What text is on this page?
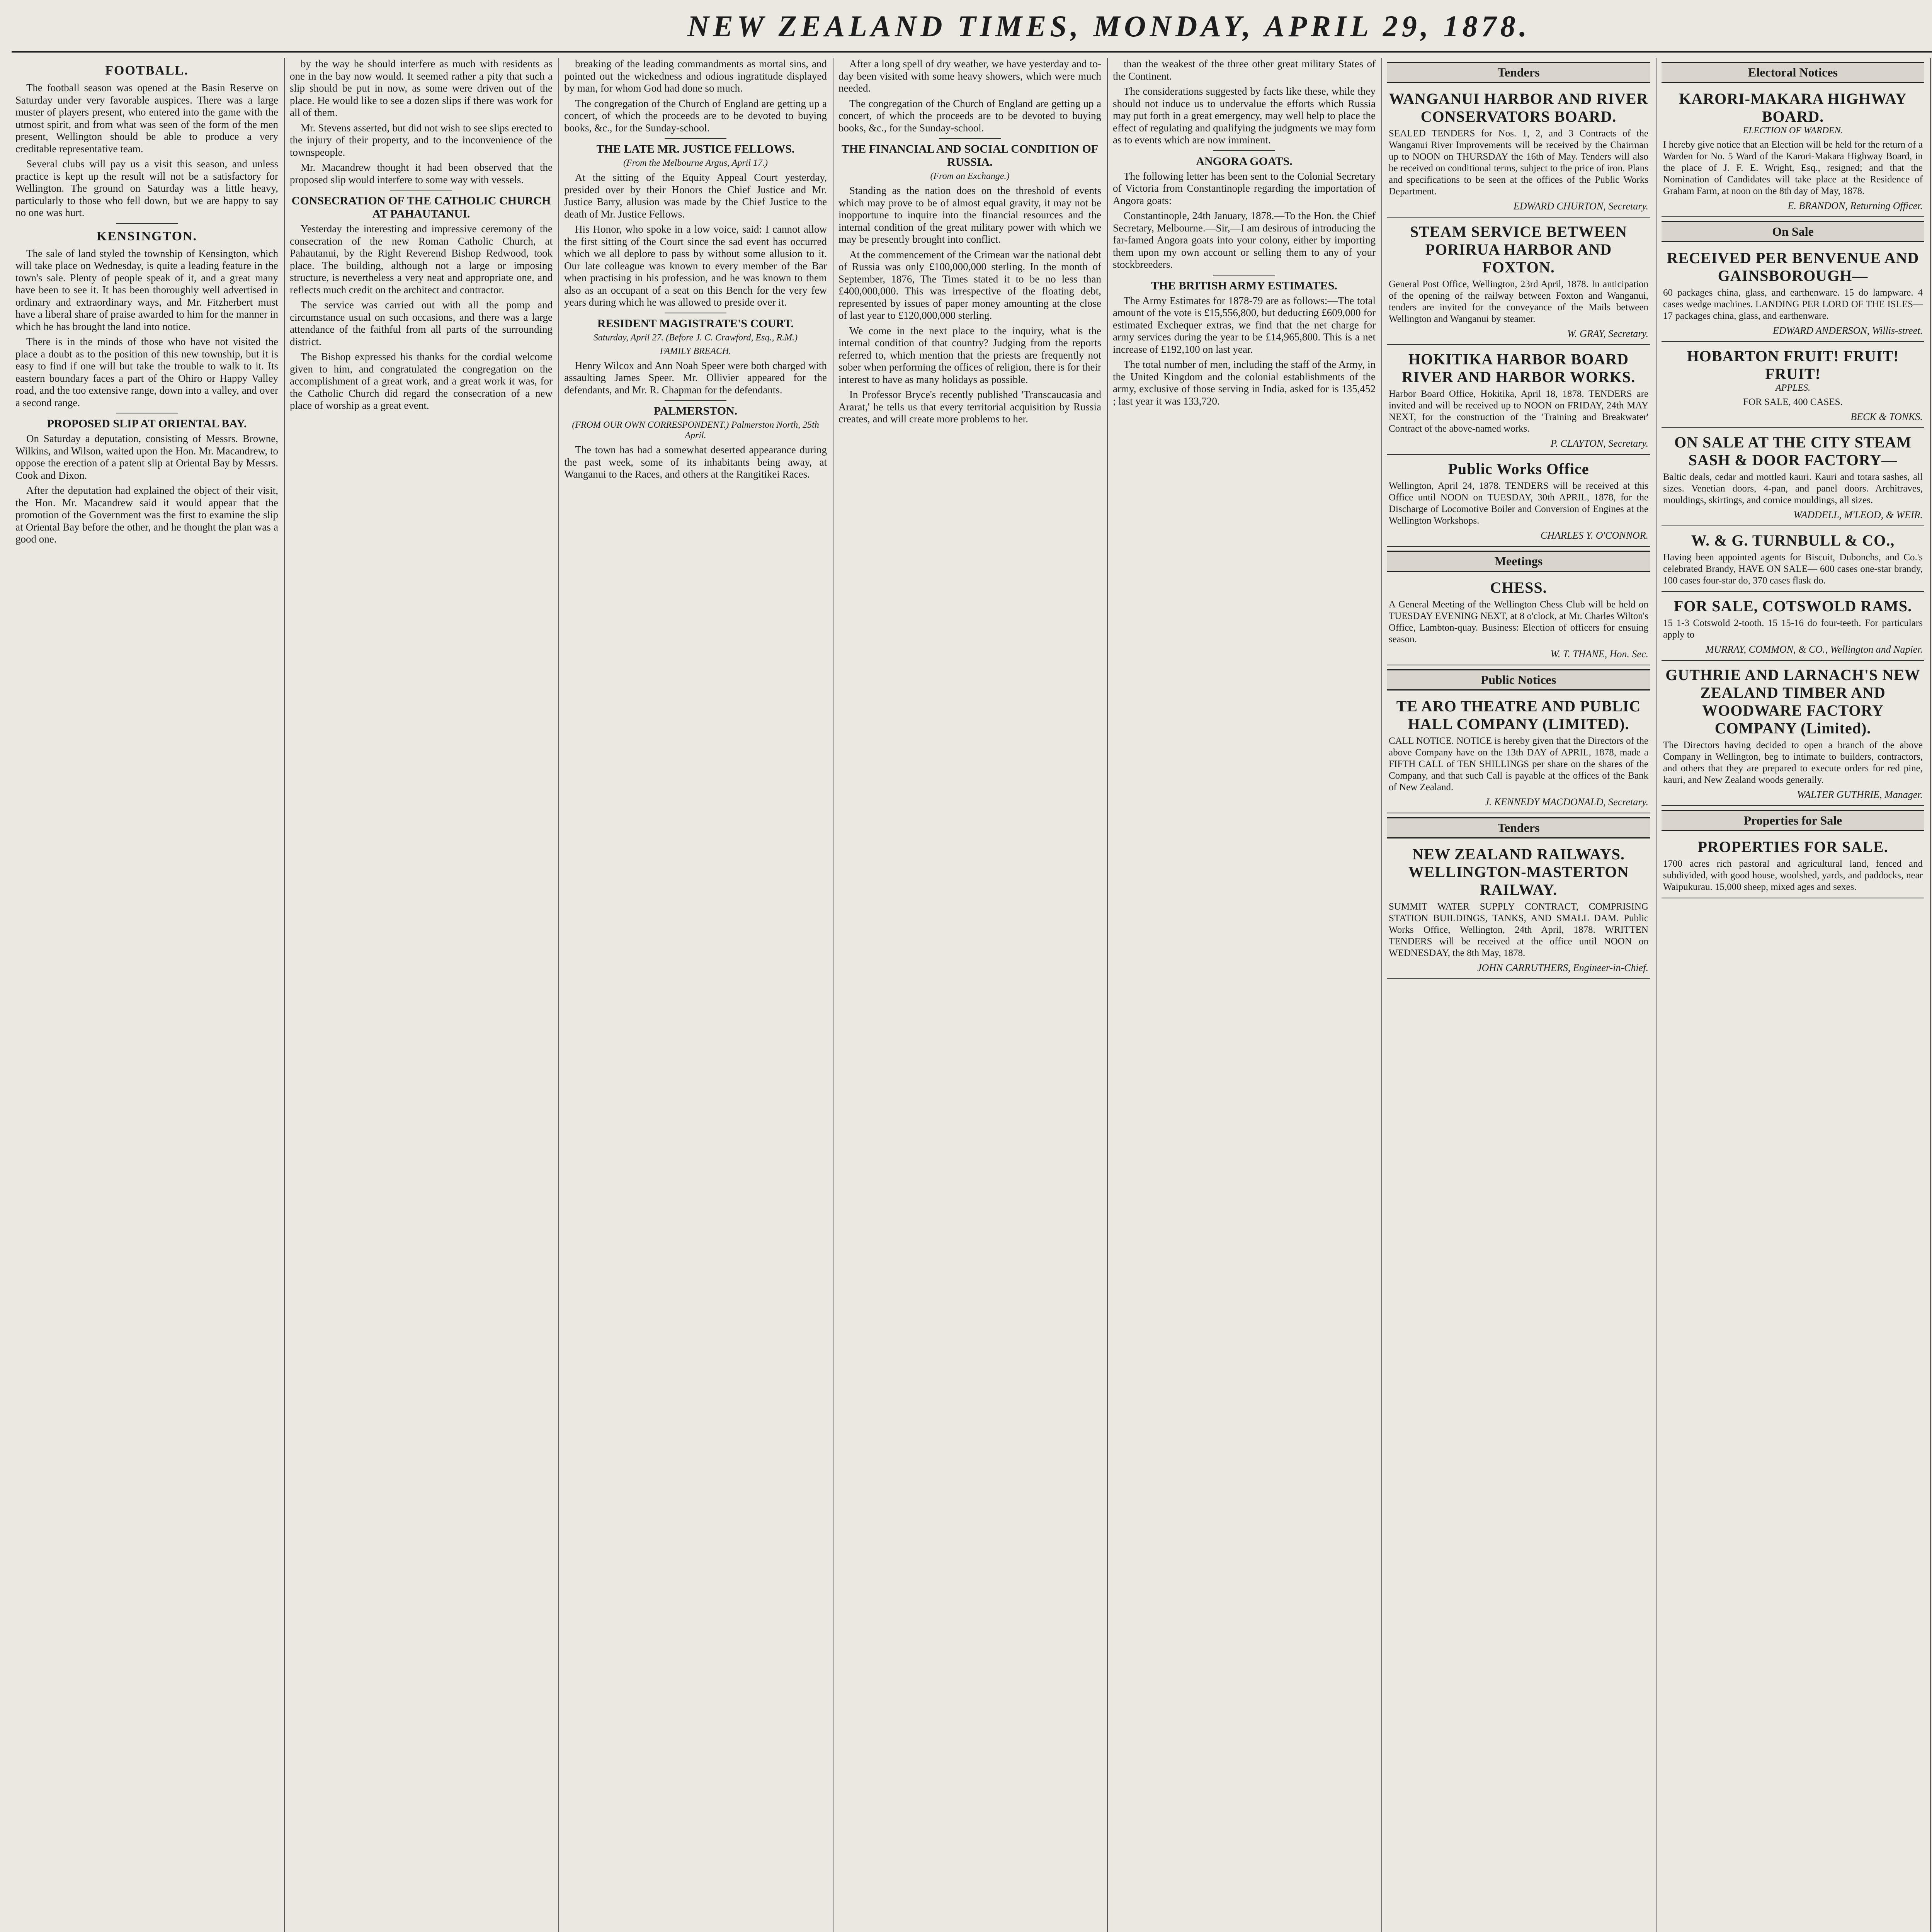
NEW ZEALAND TIMES, MONDAY, APRIL 29, 1878.
FOOTBALL.

The football season was opened at the Basin Reserve on Saturday under very favorable auspices. There was a large muster of players present, who entered into the game with the utmost spirit, and from what was seen of the form of the men present, Wellington should be able to produce a very creditable representative team.

Several clubs will pay us a visit this season, and unless practice is kept up the result will not be a satisfactory for Wellington. The ground on Saturday was a little heavy, particularly to those who fell down, but we are happy to say no one was hurt.

KENSINGTON.

The sale of land styled the township of Kensington, which will take place on Wednesday, is quite a leading feature in the town's sale. Plenty of people speak of it, and a great many have been to see it. It has been thoroughly well advertised in ordinary and extraordinary ways, and Mr. Fitzherbert must have a liberal share of praise awarded to him for the manner in which he has brought the land into notice.

There is in the minds of those who have not visited the place a doubt as to the position of this new township, but it is easy to find if one will but take the trouble to walk to it. Its eastern boundary faces a part of the Ohiro or Happy Valley road, and the too extensive range, down into a valley, and over a second range.

PROPOSED SLIP AT ORIENTAL BAY.

On Saturday a deputation, consisting of Messrs. Browne, Wilkins, and Wilson, waited upon the Hon. Mr. Macandrew, to oppose the erection of a patent slip at Oriental Bay by Messrs. Cook and Dixon.

After the deputation had explained the object of their visit, the Hon. Mr. Macandrew said it would appear that the promotion of the Government was the first to examine the slip at Oriental Bay before the other, and he thought the plan was a good one.

by the way he should interfere as much with residents as one in the bay now would. It seemed rather a pity that such a slip should be put in now, as some were driven out of the place. He would like to see a dozen slips if there was work for all of them.

Mr. Stevens asserted, but did not wish to see slips erected to the injury of their property, and to the inconvenience of the townspeople.

Mr. Macandrew thought it had been observed that the proposed slip would interfere to some way with vessels.

CONSECRATION OF THE CATHOLIC CHURCH AT PAHAUTANUI.

Yesterday the interesting and impressive ceremony of the consecration of the new Roman Catholic Church, at Pahautanui, by the Right Reverend Bishop Redwood, took place. The building, although not a large or imposing structure, is nevertheless a very neat and appropriate one, and reflects much credit on the architect and contractor.

The service was carried out with all the pomp and circumstance usual on such occasions, and there was a large attendance of the faithful from all parts of the surrounding district.

The Bishop expressed his thanks for the cordial welcome given to him, and congratulated the congregation on the accomplishment of a great work, and a great work it was, for the Catholic Church did regard the consecration of a new place of worship as a great event.

breaking of the leading commandments as mortal sins, and pointed out the wickedness and odious ingratitude displayed by man, for whom God had done so much.

The congregation of the Church of England are getting up a concert, of which the proceeds are to be devoted to buying books, &c., for the Sunday-school.

THE LATE MR. JUSTICE FELLOWS.
(From the Melbourne Argus, April 17.)

At the sitting of the Equity Appeal Court yesterday, presided over by their Honors the Chief Justice and Mr. Justice Barry, allusion was made by the Chief Justice to the death of Mr. Justice Fellows.

His Honor, who spoke in a low voice, said: I cannot allow the first sitting of the Court since the sad event has occurred which we all deplore to pass by without some allusion to it. Our late colleague was known to every member of the Bar when practising in his profession, and he was known to them also as an occupant of a seat on this Bench for the very few years during which he was allowed to preside over it.

RESIDENT MAGISTRATE'S COURT.
Saturday, April 27. (Before J. C. Crawford, Esq., R.M.)
FAMILY BREACH.

Henry Wilcox and Ann Noah Speer were both charged with assaulting James Speer. Mr. Ollivier appeared for the defendants, and Mr. R. Chapman for the defendants.

PALMERSTON.
(FROM OUR OWN CORRESPONDENT.) Palmerston North, 25th April.

The town has had a somewhat deserted appearance during the past week, some of its inhabitants being away, at Wanganui to the Races, and others at the Rangitikei Races.

After a long spell of dry weather, we have yesterday and to-day been visited with some heavy showers, which were much needed.

The congregation of the Church of England are getting up a concert, of which the proceeds are to be devoted to buying books, &c., for the Sunday-school.

THE FINANCIAL AND SOCIAL CONDITION OF RUSSIA.
(From an Exchange.)

Standing as the nation does on the threshold of events which may prove to be of almost equal gravity, it may not be inopportune to inquire into the financial resources and the internal condition of the great military power with which we may be presently brought into conflict.

At the commencement of the Crimean war the national debt of Russia was only £100,000,000 sterling. In the month of September, 1876, The Times stated it to be no less than £400,000,000. This was irrespective of the floating debt, represented by issues of paper money amounting at the close of last year to £120,000,000 sterling.

We come in the next place to the inquiry, what is the internal condition of that country? Judging from the reports referred to, which mention that the priests are frequently not sober when performing the offices of religion, there is for their interest to have as many holidays as possible.

In Professor Bryce's recently published 'Transcaucasia and Ararat,' he tells us that every territorial acquisition by Russia creates, and will create more problems to her.

than the weakest of the three other great military States of the Continent.

The considerations suggested by facts like these, while they should not induce us to undervalue the efforts which Russia may put forth in a great emergency, may well help to place the effect of regulating and qualifying the judgments we may form as to events which are now imminent.

ANGORA GOATS.

The following letter has been sent to the Colonial Secretary of Victoria from Constantinople regarding the importation of Angora goats:

Constantinople, 24th January, 1878.—To the Hon. the Chief Secretary, Melbourne.—Sir,—I am desirous of introducing the far-famed Angora goats into your colony, either by importing them upon my own account or selling them to any of your stockbreeders.

THE BRITISH ARMY ESTIMATES.

The Army Estimates for 1878-79 are as follows:—The total amount of the vote is £15,556,800, but deducting £609,000 for estimated Exchequer extras, we find that the net charge for army services during the year to be £14,965,800. This is a net increase of £192,100 on last year.

The total number of men, including the staff of the Army, in the United Kingdom and the colonial establishments of the army, exclusive of those serving in India, asked for is 135,452 ; last year it was 133,720.

Tenders
WANGANUI HARBOR AND RIVER CONSERVATORS BOARD.
SEALED TENDERS for Nos. 1, 2, and 3 Contracts of the Wanganui River Improvements will be received by the Chairman up to NOON on THURSDAY the 16th of May. Tenders will also be received on conditional terms, subject to the price of iron. Plans and specifications to be seen at the offices of the Public Works Department.
EDWARD CHURTON, Secretary.
STEAM SERVICE BETWEEN PORIRUA HARBOR AND FOXTON.
General Post Office, Wellington, 23rd April, 1878. In anticipation of the opening of the railway between Foxton and Wanganui, tenders are invited for the conveyance of the Mails between Wellington and Wanganui by steamer.
W. GRAY, Secretary.
HOKITIKA HARBOR BOARD RIVER AND HARBOR WORKS.
Harbor Board Office, Hokitika, April 18, 1878. TENDERS are invited and will be received up to NOON on FRIDAY, 24th MAY NEXT, for the construction of the 'Training and Breakwater' Contract of the above-named works.
P. CLAYTON, Secretary.
Public Works Office
Wellington, April 24, 1878. TENDERS will be received at this Office until NOON on TUESDAY, 30th APRIL, 1878, for the Discharge of Locomotive Boiler and Conversion of Engines at the Wellington Workshops.
CHARLES Y. O'CONNOR.
Meetings
CHESS.
A General Meeting of the Wellington Chess Club will be held on TUESDAY EVENING NEXT, at 8 o'clock, at Mr. Charles Wilton's Office, Lambton-quay. Business: Election of officers for ensuing season.
W. T. THANE, Hon. Sec.
Public Notices
TE ARO THEATRE AND PUBLIC HALL COMPANY (LIMITED).
CALL NOTICE. NOTICE is hereby given that the Directors of the above Company have on the 13th DAY of APRIL, 1878, made a FIFTH CALL of TEN SHILLINGS per share on the shares of the Company, and that such Call is payable at the offices of the Bank of New Zealand.
J. KENNEDY MACDONALD, Secretary.
Tenders
NEW ZEALAND RAILWAYS. WELLINGTON-MASTERTON RAILWAY.
SUMMIT WATER SUPPLY CONTRACT, COMPRISING STATION BUILDINGS, TANKS, AND SMALL DAM. Public Works Office, Wellington, 24th April, 1878. WRITTEN TENDERS will be received at the office until NOON on WEDNESDAY, the 8th May, 1878.
JOHN CARRUTHERS, Engineer-in-Chief.
Electoral Notices
KARORI-MAKARA HIGHWAY BOARD.
ELECTION OF WARDEN.
I hereby give notice that an Election will be held for the return of a Warden for No. 5 Ward of the Karori-Makara Highway Board, in the place of J. F. E. Wright, Esq., resigned; and that the Nomination of Candidates will take place at the Residence of Graham Farm, at noon on the 8th day of May, 1878.
E. BRANDON, Returning Officer.
On Sale
RECEIVED PER BENVENUE AND GAINSBOROUGH—
60 packages china, glass, and earthenware. 15 do lampware. 4 cases wedge machines. LANDING PER LORD OF THE ISLES—17 packages china, glass, and earthenware.
EDWARD ANDERSON, Willis-street.
HOBARTON FRUIT! FRUIT! FRUIT!
APPLES.
FOR SALE, 400 CASES.
BECK & TONKS.
ON SALE AT THE CITY STEAM SASH & DOOR FACTORY—
Baltic deals, cedar and mottled kauri. Kauri and totara sashes, all sizes. Venetian doors, 4-pan, and panel doors. Architraves, mouldings, skirtings, and cornice mouldings, all sizes.
WADDELL, M'LEOD, & WEIR.
W. & G. TURNBULL & CO.,
Having been appointed agents for Biscuit, Dubonchs, and Co.'s celebrated Brandy, HAVE ON SALE— 600 cases one-star brandy, 100 cases four-star do, 370 cases flask do.
FOR SALE, COTSWOLD RAMS.
15 1-3 Cotswold 2-tooth. 15 15-16 do four-teeth. For particulars apply to
MURRAY, COMMON, & CO., Wellington and Napier.
GUTHRIE AND LARNACH'S NEW ZEALAND TIMBER AND WOODWARE FACTORY COMPANY (Limited).
The Directors having decided to open a branch of the above Company in Wellington, beg to intimate to builders, contractors, and others that they are prepared to execute orders for red pine, kauri, and New Zealand woods generally.
WALTER GUTHRIE, Manager.
Properties for Sale
PROPERTIES FOR SALE.
1700 acres rich pastoral and agricultural land, fenced and subdivided, with good house, woolshed, yards, and paddocks, near Waipukurau. 15,000 sheep, mixed ages and sexes.
